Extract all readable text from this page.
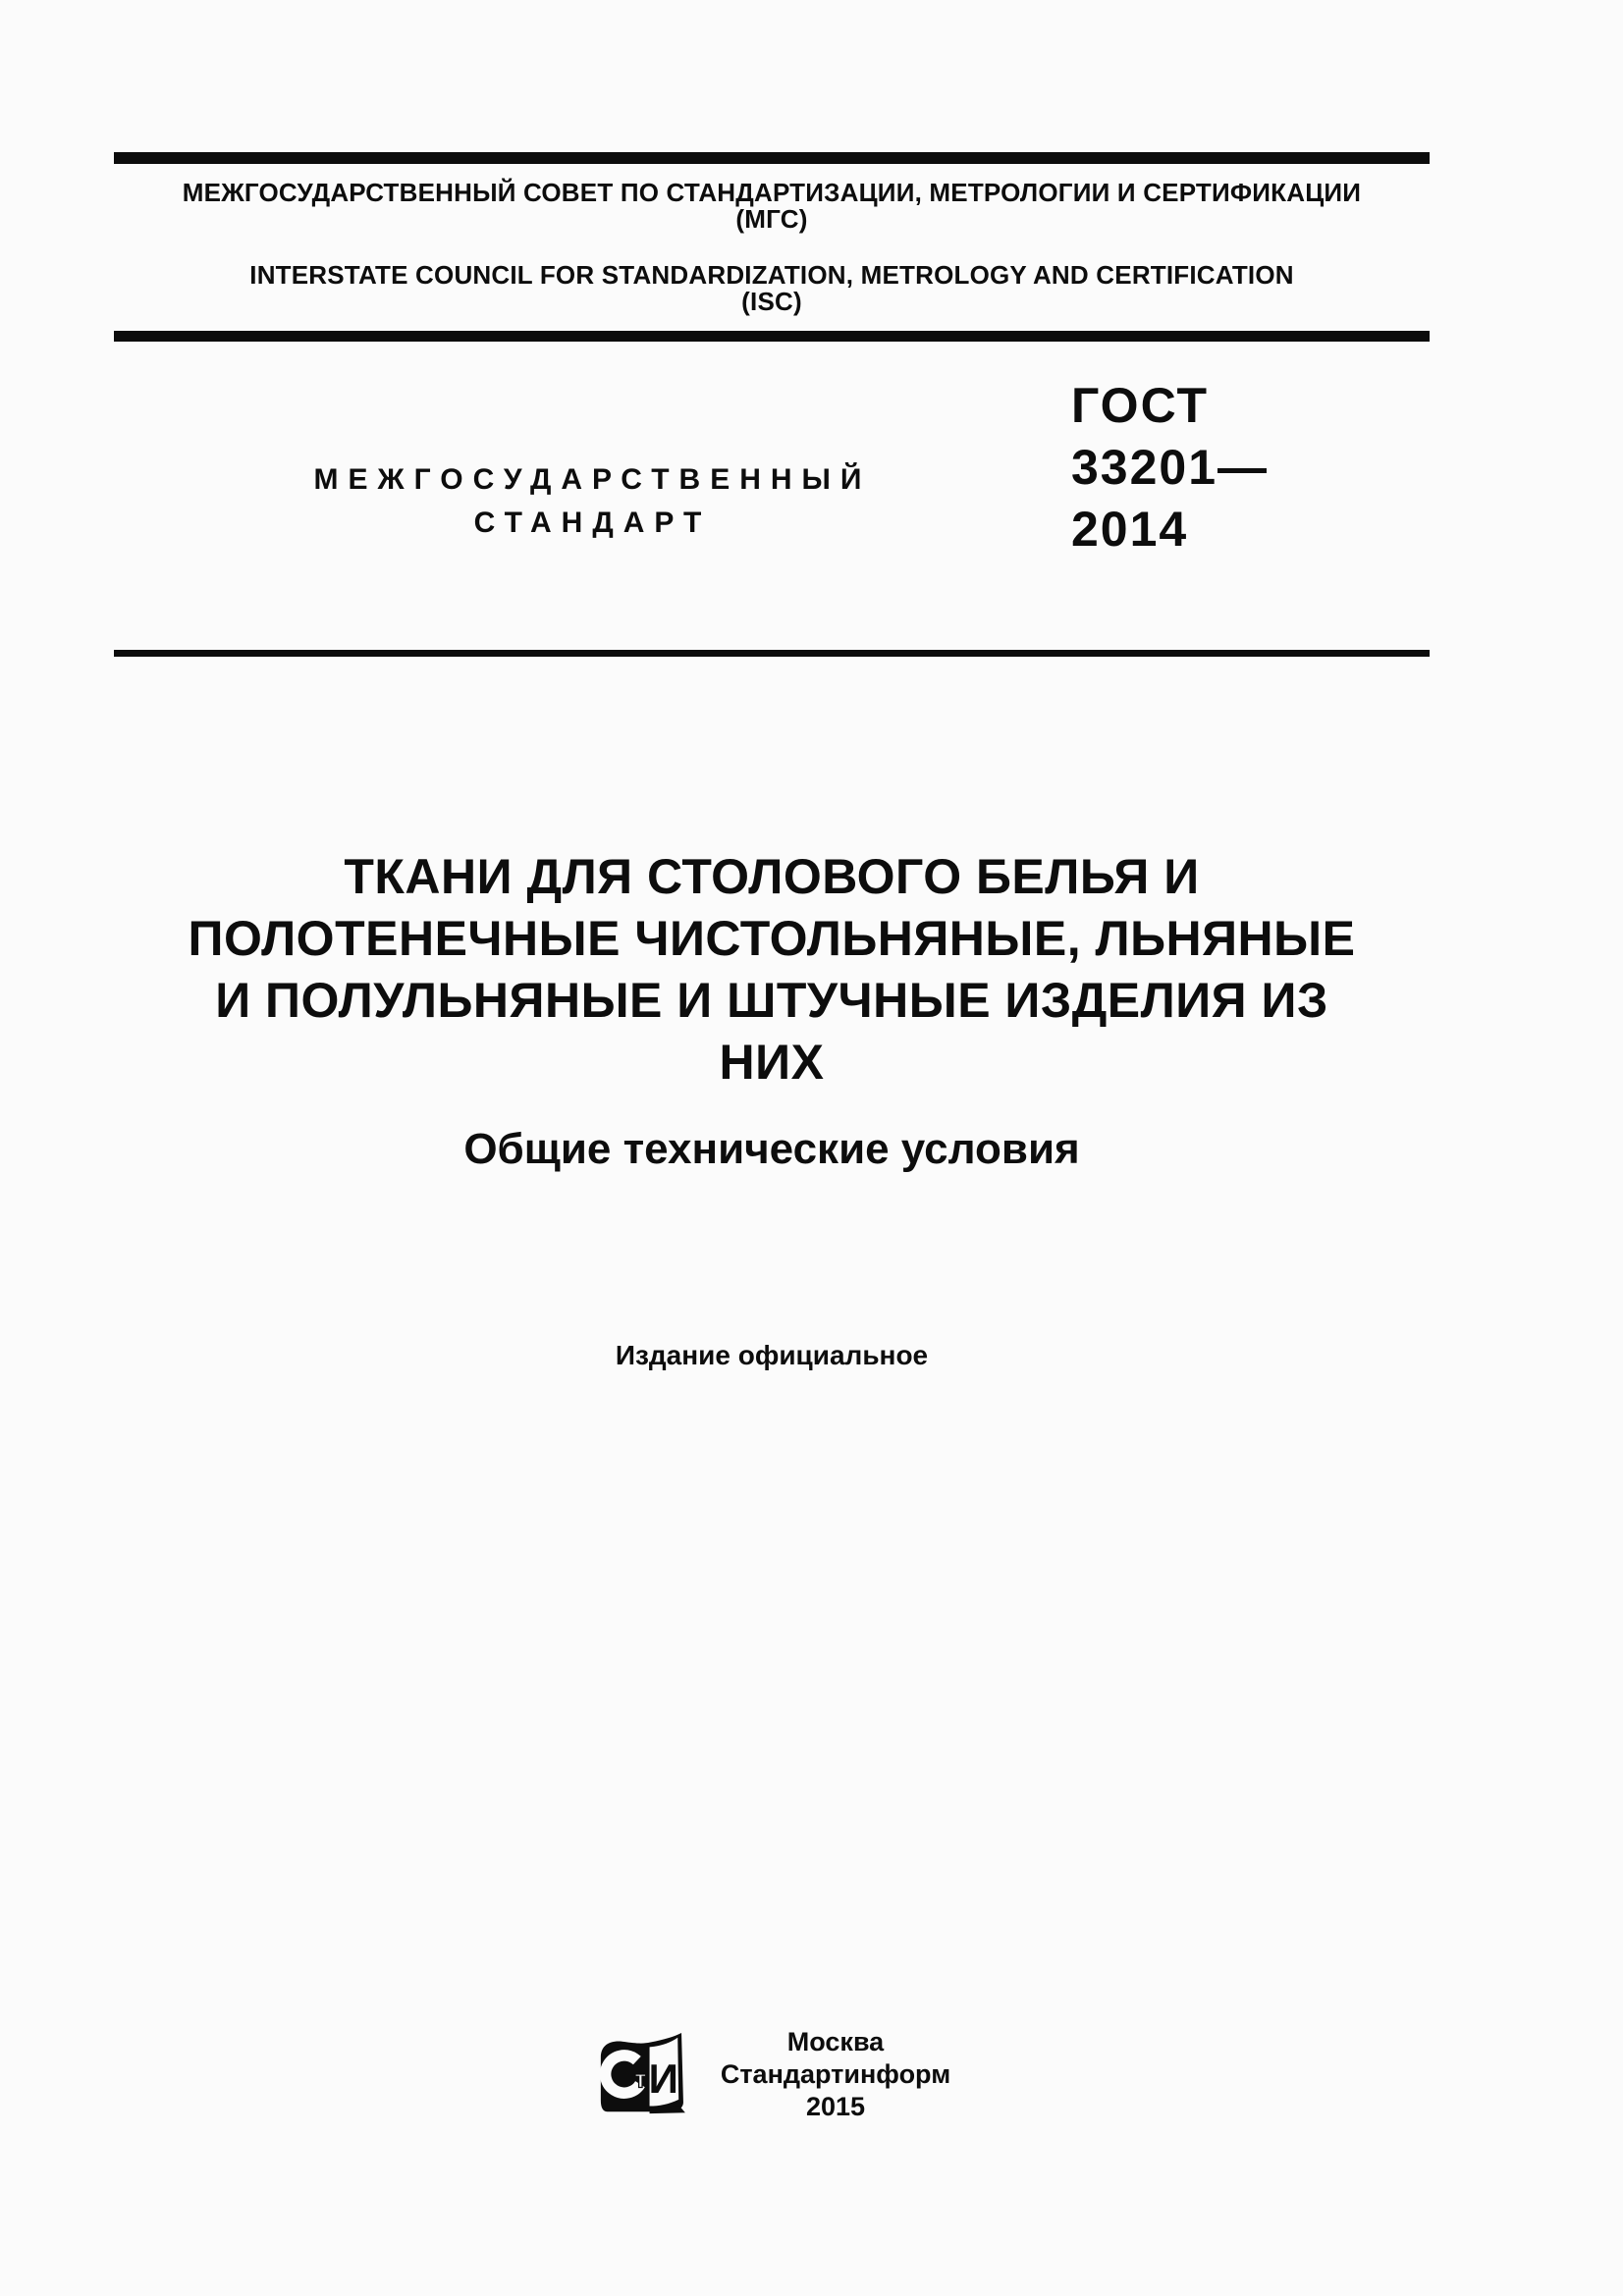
МЕЖГОСУДАРСТВЕННЫЙ СОВЕТ ПО СТАНДАРТИЗАЦИИ, МЕТРОЛОГИИ И СЕРТИФИКАЦИИ
(МГС)
INTERSTATE COUNCIL FOR STANDARDIZATION, METROLOGY AND CERTIFICATION
(ISC)
МЕЖГОСУДАРСТВЕННЫЙ
СТАНДАРТ
ГОСТ
33201—
2014
ТКАНИ ДЛЯ СТОЛОВОГО БЕЛЬЯ И
ПОЛОТЕНЕЧНЫЕ ЧИСТОЛЬНЯНЫЕ, ЛЬНЯНЫЕ
И ПОЛУЛЬНЯНЫЕ И ШТУЧНЫЕ ИЗДЕЛИЯ ИЗ
НИХ
Общие технические условия
Издание официальное
т И
Москва
Стандартинформ
2015
